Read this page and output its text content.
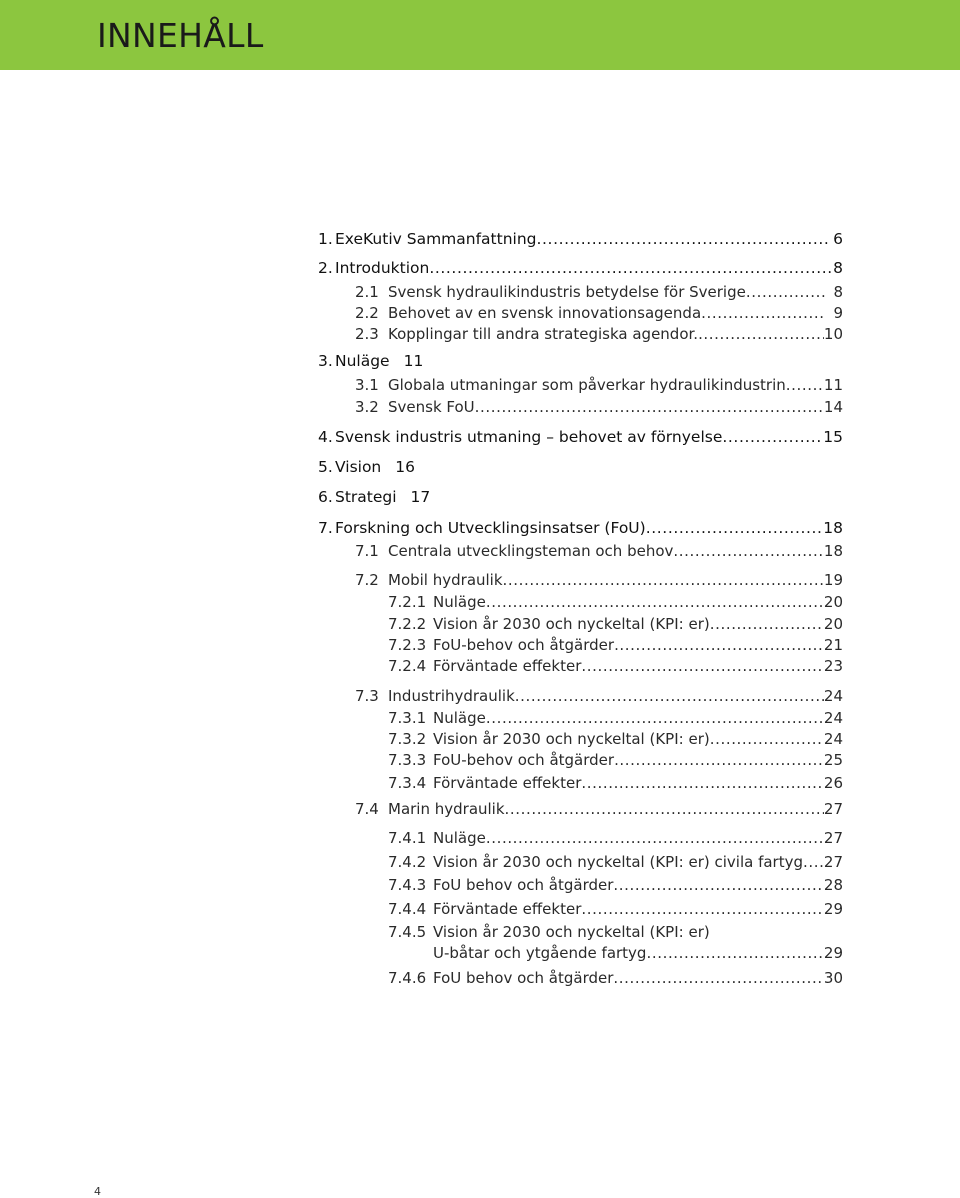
INNEHÅLL
1. ExeKutiv Sammanfattning .....	6
2. Introduktion .....	8
2.1 Svensk hydraulikindustris betydelse för Sverige .....	8
2.2 Behovet av en svensk innovationsagenda .....	9
2.3 Kopplingar till andra strategiska agendor. .....	10
3. Nuläge 11
3.1 Globala utmaningar som påverkar hydraulikindustrin .....	11
3.2 Svensk FoU .....	14
4. Svensk industris utmaning – behovet av förnyelse .....	15
5. Vision 16
6. Strategi 17
7. Forskning och Utvecklingsinsatser (FoU) .....	18
7.1 Centrala utvecklingsteman och behov .....	18
7.2 Mobil hydraulik .....	19
7.2.1 Nuläge .....	20
7.2.2 Vision år 2030 och nyckeltal (KPI: er) .....	20
7.2.3 FoU-behov och åtgärder .....	21
7.2.4 Förväntade effekter .....	23
7.3 Industrihydraulik .....	24
7.3.1 Nuläge .....	24
7.3.2 Vision år 2030 och nyckeltal (KPI: er) .....	24
7.3.3 FoU-behov och åtgärder .....	25
7.3.4 Förväntade effekter .....	26
7.4 Marin hydraulik .....	27
7.4.1 Nuläge .....	27
7.4.2 Vision år 2030 och nyckeltal (KPI: er) civila fartyg ..... 27
7.4.3 FoU behov och åtgärder .....	28
7.4.4 Förväntade effekter .....	29
7.4.5 Vision år 2030 och nyckeltal (KPI: er)
U-båtar och ytgående fartyg .....	29
7.4.6 FoU behov och åtgärder .....	30
4
